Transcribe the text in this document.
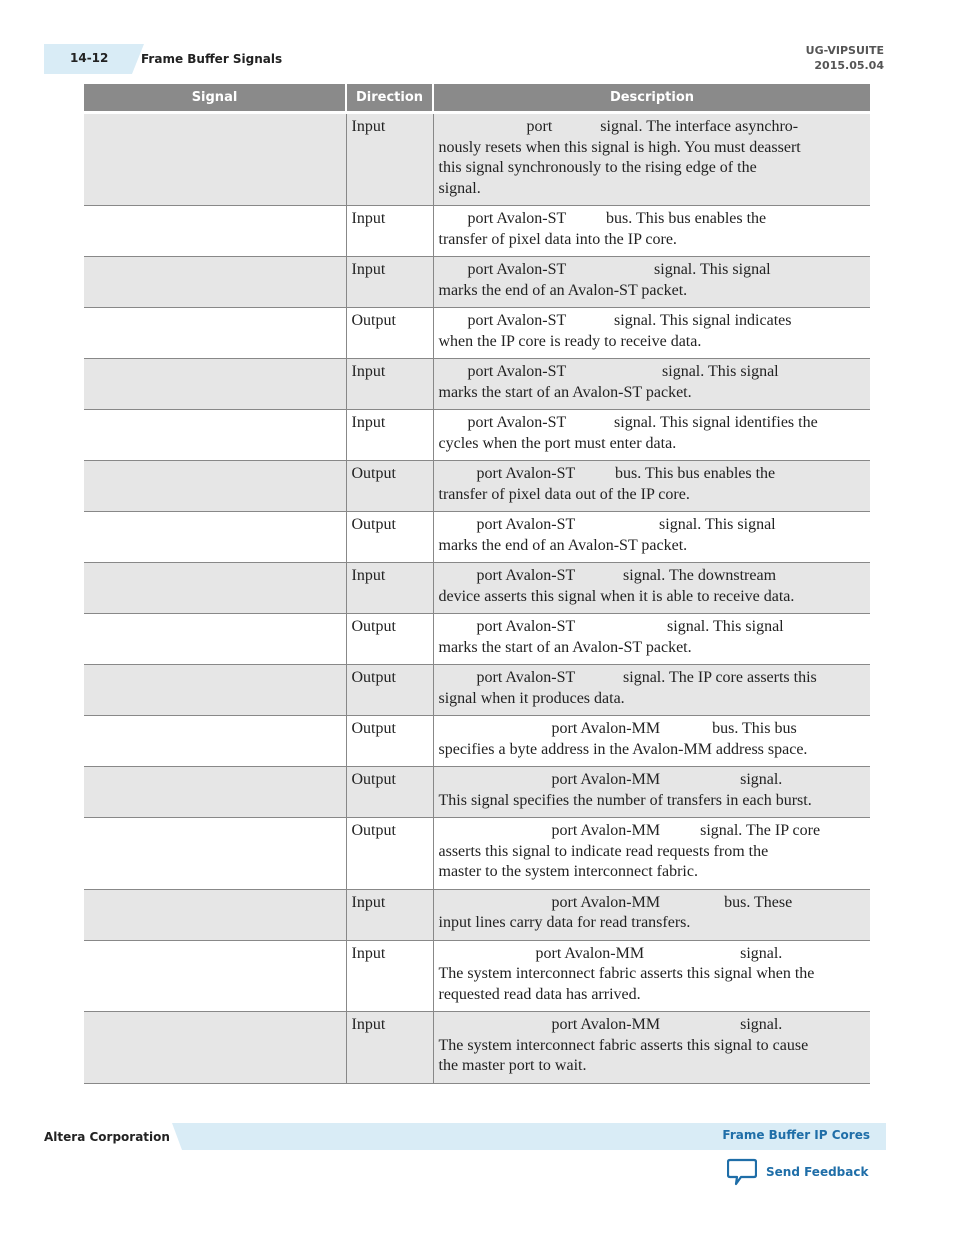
14-12	Frame Buffer Signals
UG-VIPSUITE
2015.05.04
Signal	Direction	Description
	Input	port            signal. The interface asynchro-
nously resets when this signal is high. You must deassert
this signal synchronously to the rising edge of the
signal.

	Input	port Avalon-ST          bus. This bus enables the
transfer of pixel data into the IP core.

	Input	port Avalon-ST                      signal. This signal
marks the end of an Avalon-ST packet.

	Output	port Avalon-ST            signal. This signal indicates
when the IP core is ready to receive data.

	Input	port Avalon-ST                        signal. This signal
marks the start of an Avalon-ST packet.

	Input	port Avalon-ST            signal. This signal identifies the
cycles when the port must enter data.

	Output	port Avalon-ST          bus. This bus enables the
transfer of pixel data out of the IP core.

	Output	port Avalon-ST                     signal. This signal
marks the end of an Avalon-ST packet.

	Input	port Avalon-ST            signal. The downstream
device asserts this signal when it is able to receive data.

	Output	port Avalon-ST                       signal. This signal
marks the start of an Avalon-ST packet.

	Output	port Avalon-ST            signal. The IP core asserts this
signal when it produces data.

	Output	port Avalon-MM             bus. This bus
specifies a byte address in the Avalon-MM address space.

	Output	port Avalon-MM                    signal.
This signal specifies the number of transfers in each burst.

	Output	port Avalon-MM          signal. The IP core
asserts this signal to indicate read requests from the
master to the system interconnect fabric.

	Input	port Avalon-MM                bus. These
input lines carry data for read transfers.

	Input	port Avalon-MM                        signal.
The system interconnect fabric asserts this signal when the
requested read data has arrived.

	Input	port Avalon-MM                    signal.
The system interconnect fabric asserts this signal to cause
the master port to wait.
Altera Corporation	Frame Buffer IP Cores
Send Feedback
